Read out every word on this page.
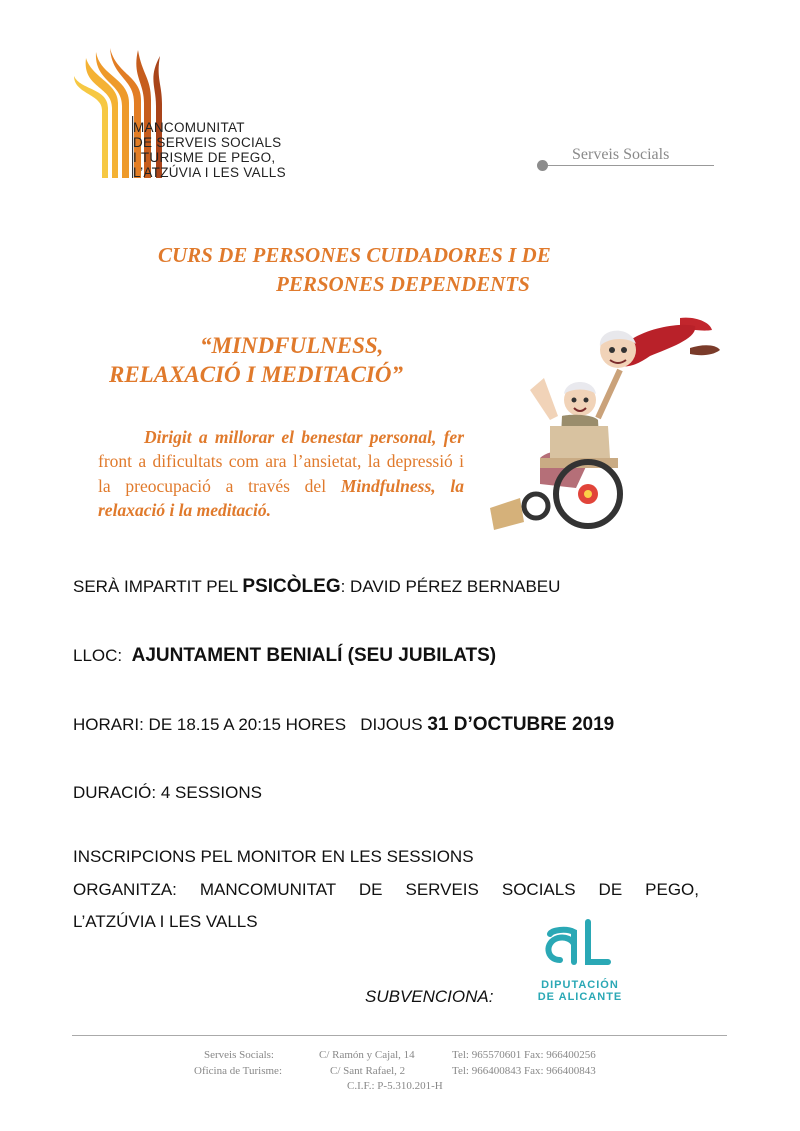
MANCOMUNITAT
DE SERVEIS SOCIALS
I TURISME DE PEGO,
L’ATZÚVIA I LES VALLS
Serveis Socials
CURS DE PERSONES CUIDADORES I DE
PERSONES DEPENDENTS
“MINDFULNESS,
RELAXACIÓ I MEDITACIÓ”
Dirigit a millorar el benestar personal, fer front a dificultats com ara l’ansietat, la depressió i la preocupació a través del Mindfulness, la relaxació i la meditació.
SERÀ IMPARTIT PEL PSICÒLEG: DAVID PÉREZ BERNABEU
LLOC:  AJUNTAMENT BENIALÍ (SEU JUBILATS)
HORARI: DE 18.15 A 20:15 HORES   DIJOUS 31 D’OCTUBRE 2019
DURACIÓ: 4 SESSIONS
INSCRIPCIONS PEL MONITOR EN LES SESSIONS
ORGANITZA: MANCOMUNITAT DE SERVEIS SOCIALS DE PEGO,
L’ATZÚVIA I LES VALLS
SUBVENCIONA:
DIPUTACIÓN
DE ALICANTE
Serveis Socials:	C/ Ramón y Cajal, 14	Tel: 965570601 Fax: 966400256
Oficina de Turisme:	C/ Sant Rafael, 2	Tel: 966400843 Fax: 966400843
C.I.F.: P-5.310.201-H
